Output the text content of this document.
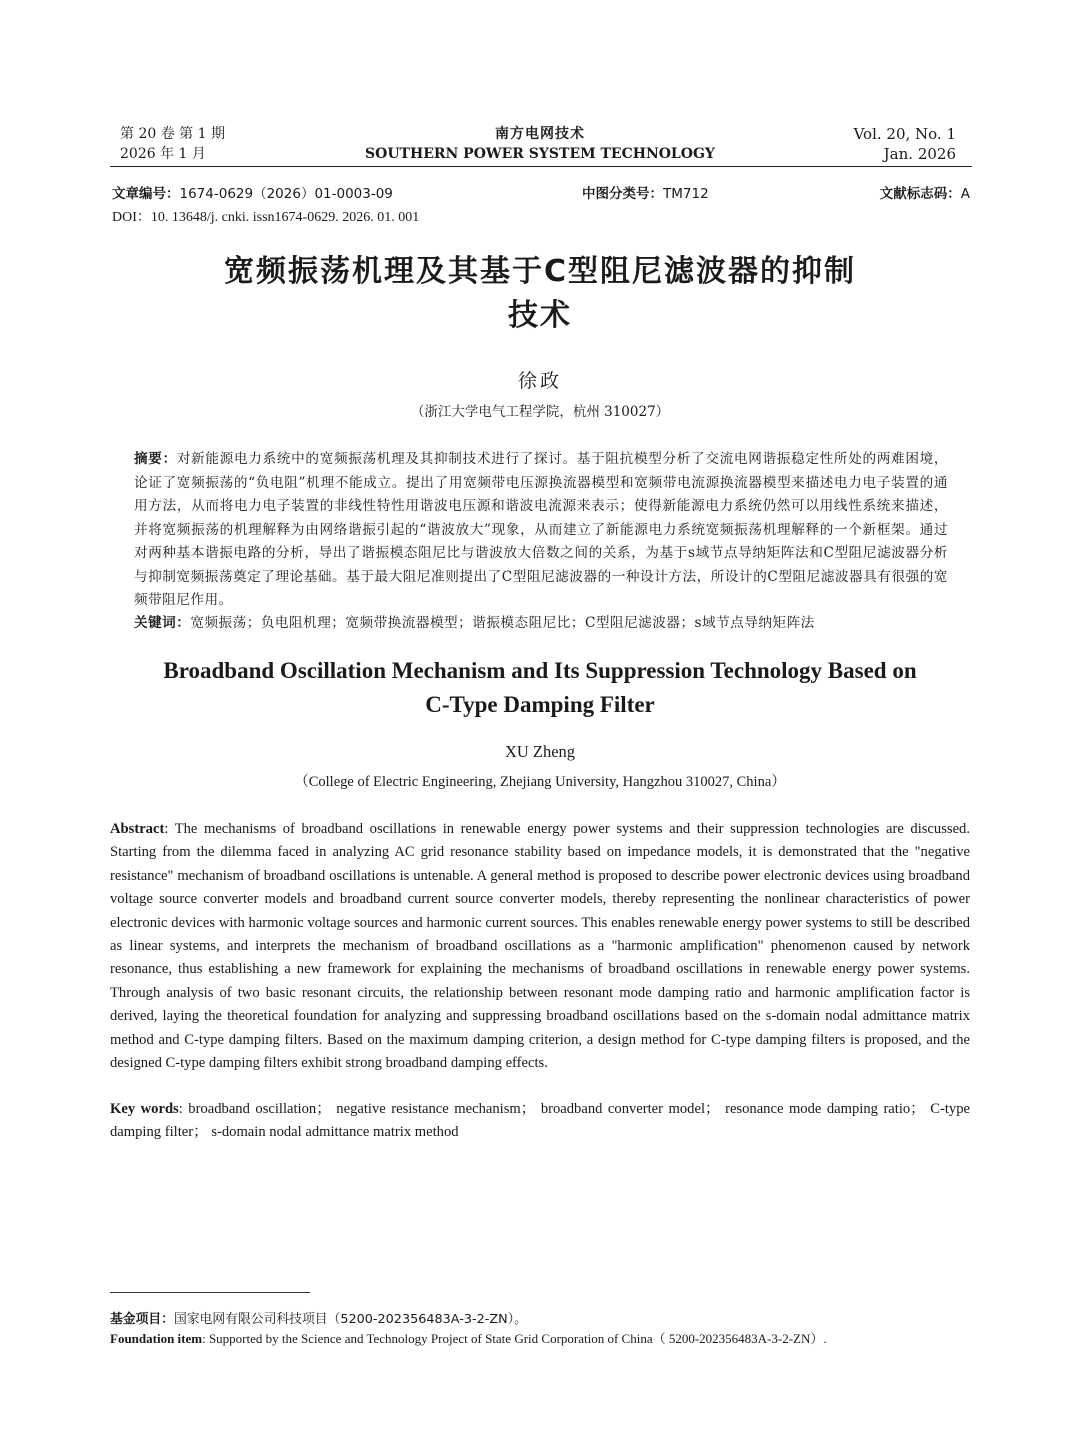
第 20 卷 第 1 期
2026 年 1 月
南方电网技术
SOUTHERN POWER SYSTEM TECHNOLOGY
Vol. 20, No. 1
Jan. 2026
文章编号：1674-0629（2026）01-0003-09	中图分类号：TM712	文献标志码：A
DOI：10. 13648/j. cnki. issn1674-0629. 2026. 01. 001
宽频振荡机理及其基于C型阻尼滤波器的抑制
技术
徐政
（浙江大学电气工程学院，杭州 310027）
摘要：对新能源电力系统中的宽频振荡机理及其抑制技术进行了探讨。基于阻抗模型分析了交流电网谐振稳定性所处的两难困境，论证了宽频振荡的“负电阻”机理不能成立。提出了用宽频带电压源换流器模型和宽频带电流源换流器模型来描述电力电子装置的通用方法，从而将电力电子装置的非线性特性用谐波电压源和谐波电流源来表示；使得新能源电力系统仍然可以用线性系统来描述，并将宽频振荡的机理解释为由网络谐振引起的“谐波放大”现象，从而建立了新能源电力系统宽频振荡机理解释的一个新框架。通过对两种基本谐振电路的分析，导出了谐振模态阻尼比与谐波放大倍数之间的关系，为基于s域节点导纳矩阵法和C型阻尼滤波器分析与抑制宽频振荡奠定了理论基础。基于最大阻尼准则提出了C型阻尼滤波器的一种设计方法，所设计的C型阻尼滤波器具有很强的宽频带阻尼作用。
关键词：宽频振荡；负电阻机理；宽频带换流器模型；谐振模态阻尼比；C型阻尼滤波器；s域节点导纳矩阵法
Broadband Oscillation Mechanism and Its Suppression Technology Based on
C-Type Damping Filter
XU Zheng
（College of Electric Engineering, Zhejiang University, Hangzhou 310027, China）
Abstract: The mechanisms of broadband oscillations in renewable energy power systems and their suppression technologies are discussed. Starting from the dilemma faced in analyzing AC grid resonance stability based on impedance models, it is demonstrated that the "negative resistance" mechanism of broadband oscillations is untenable. A general method is proposed to describe power electronic devices using broadband voltage source converter models and broadband current source converter models, thereby representing the nonlinear characteristics of power electronic devices with harmonic voltage sources and harmonic current sources. This enables renewable energy power systems to still be described as linear systems, and interprets the mechanism of broadband oscillations as a "harmonic amplification" phenomenon caused by network resonance, thus establishing a new framework for explaining the mechanisms of broadband oscillations in renewable energy power systems. Through analysis of two basic resonant circuits, the relationship between resonant mode damping ratio and harmonic amplification factor is derived, laying the theoretical foundation for analyzing and suppressing broadband oscillations based on the s-domain nodal admittance matrix method and C-type damping filters. Based on the maximum damping criterion, a design method for C-type damping filters is proposed, and the designed C-type damping filters exhibit strong broadband damping effects.
Key words: broadband oscillation； negative resistance mechanism； broadband converter model； resonance mode damping ratio； C-type damping filter； s-domain nodal admittance matrix method
基金项目：国家电网有限公司科技项目（5200-202356483A-3-2-ZN）。
Foundation item: Supported by the Science and Technology Project of State Grid Corporation of China（ 5200-202356483A-3-2-ZN）.
